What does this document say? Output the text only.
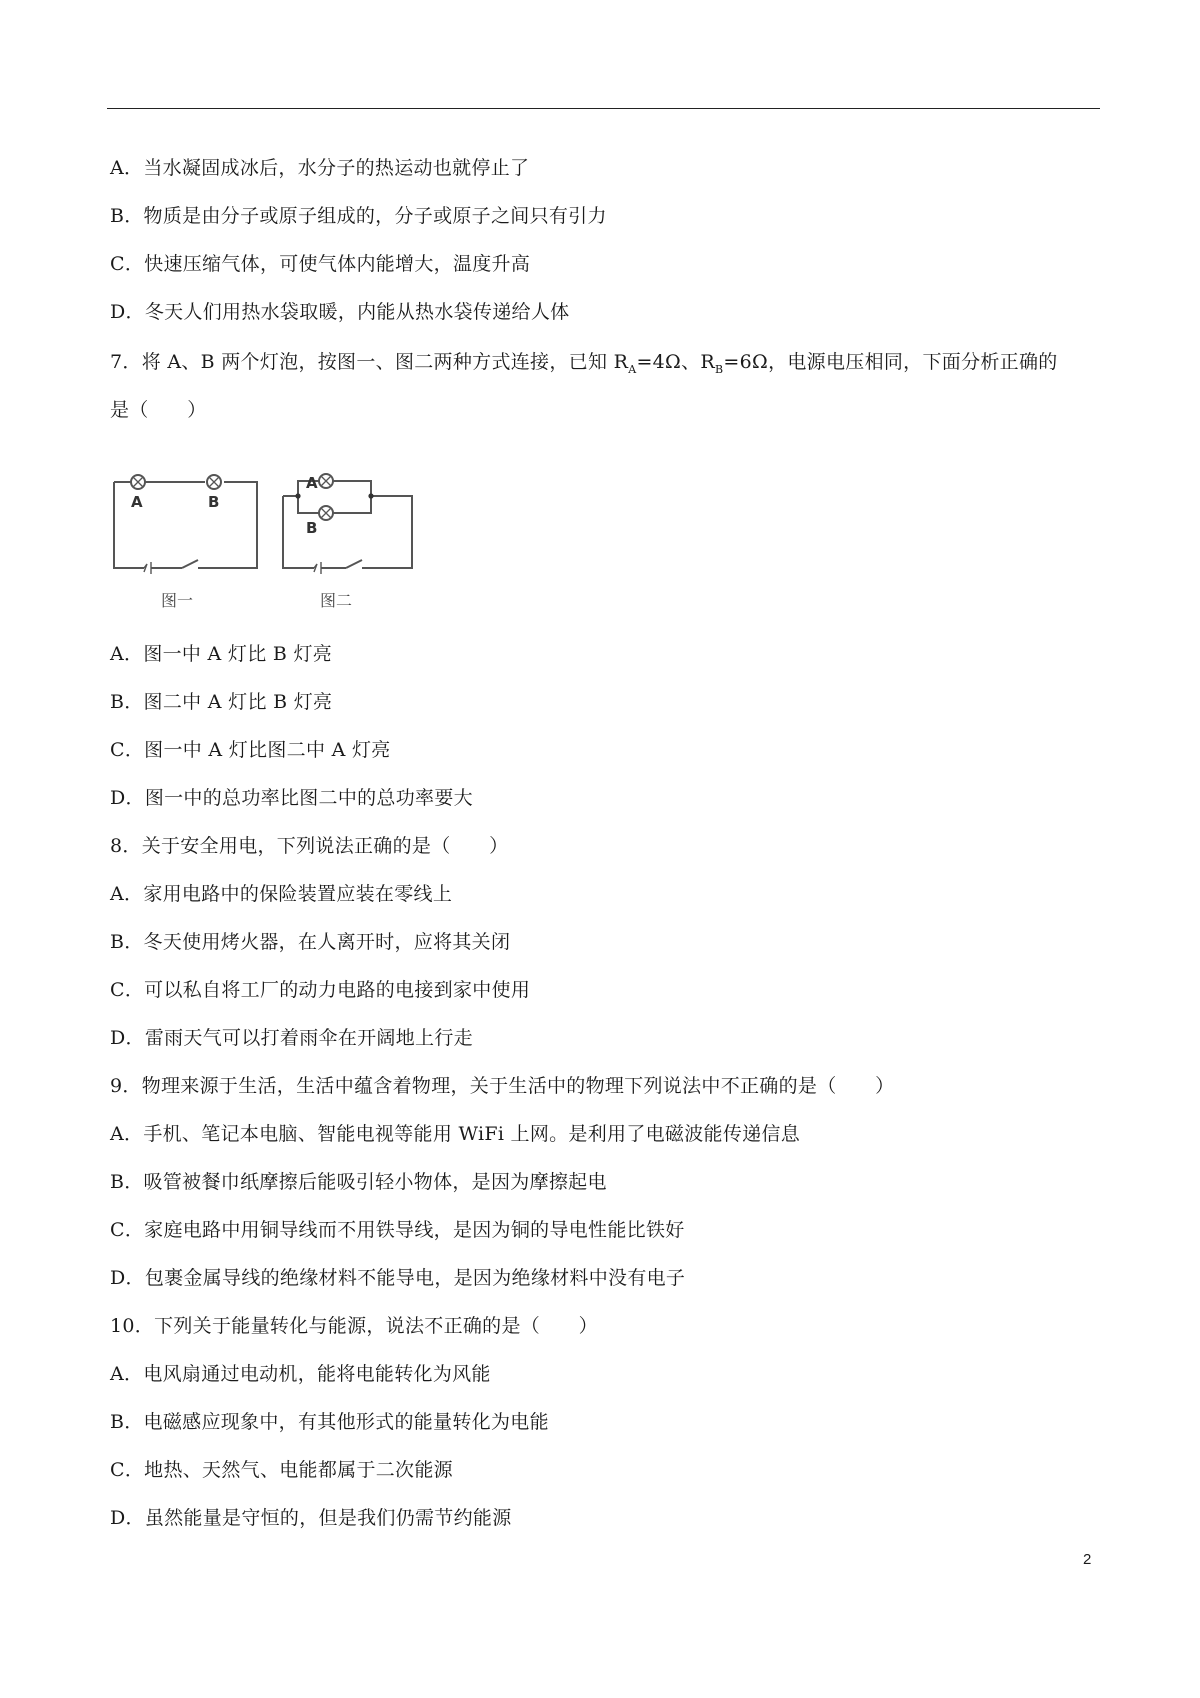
A．当水凝固成冰后，水分子的热运动也就停止了
B．物质是由分子或原子组成的，分子或原子之间只有引力
C．快速压缩气体，可使气体内能增大，温度升高
D．冬天人们用热水袋取暖，内能从热水袋传递给人体
7．将 A、B 两个灯泡，按图一、图二两种方式连接，已知 $R_A=4\Omega$、$R_B=6\Omega$，电源电压相同，下面分析正确的
是（　　）
A	B
A
B
图一	图二
A．图一中 A 灯比 B 灯亮
B．图二中 A 灯比 B 灯亮
C．图一中 A 灯比图二中 A 灯亮
D．图一中的总功率比图二中的总功率要大
8．关于安全用电，下列说法正确的是（　　）
A．家用电路中的保险装置应装在零线上
B．冬天使用烤火器，在人离开时，应将其关闭
C．可以私自将工厂的动力电路的电接到家中使用
D．雷雨天气可以打着雨伞在开阔地上行走
9．物理来源于生活，生活中蕴含着物理，关于生活中的物理下列说法中不正确的是（　　）
A．手机、笔记本电脑、智能电视等能用 WiFi 上网。是利用了电磁波能传递信息
B．吸管被餐巾纸摩擦后能吸引轻小物体，是因为摩擦起电
C．家庭电路中用铜导线而不用铁导线，是因为铜的导电性能比铁好
D．包裹金属导线的绝缘材料不能导电，是因为绝缘材料中没有电子
10．下列关于能量转化与能源，说法不正确的是（　　）
A．电风扇通过电动机，能将电能转化为风能
B．电磁感应现象中，有其他形式的能量转化为电能
C．地热、天然气、电能都属于二次能源
D．虽然能量是守恒的，但是我们仍需节约能源
2
